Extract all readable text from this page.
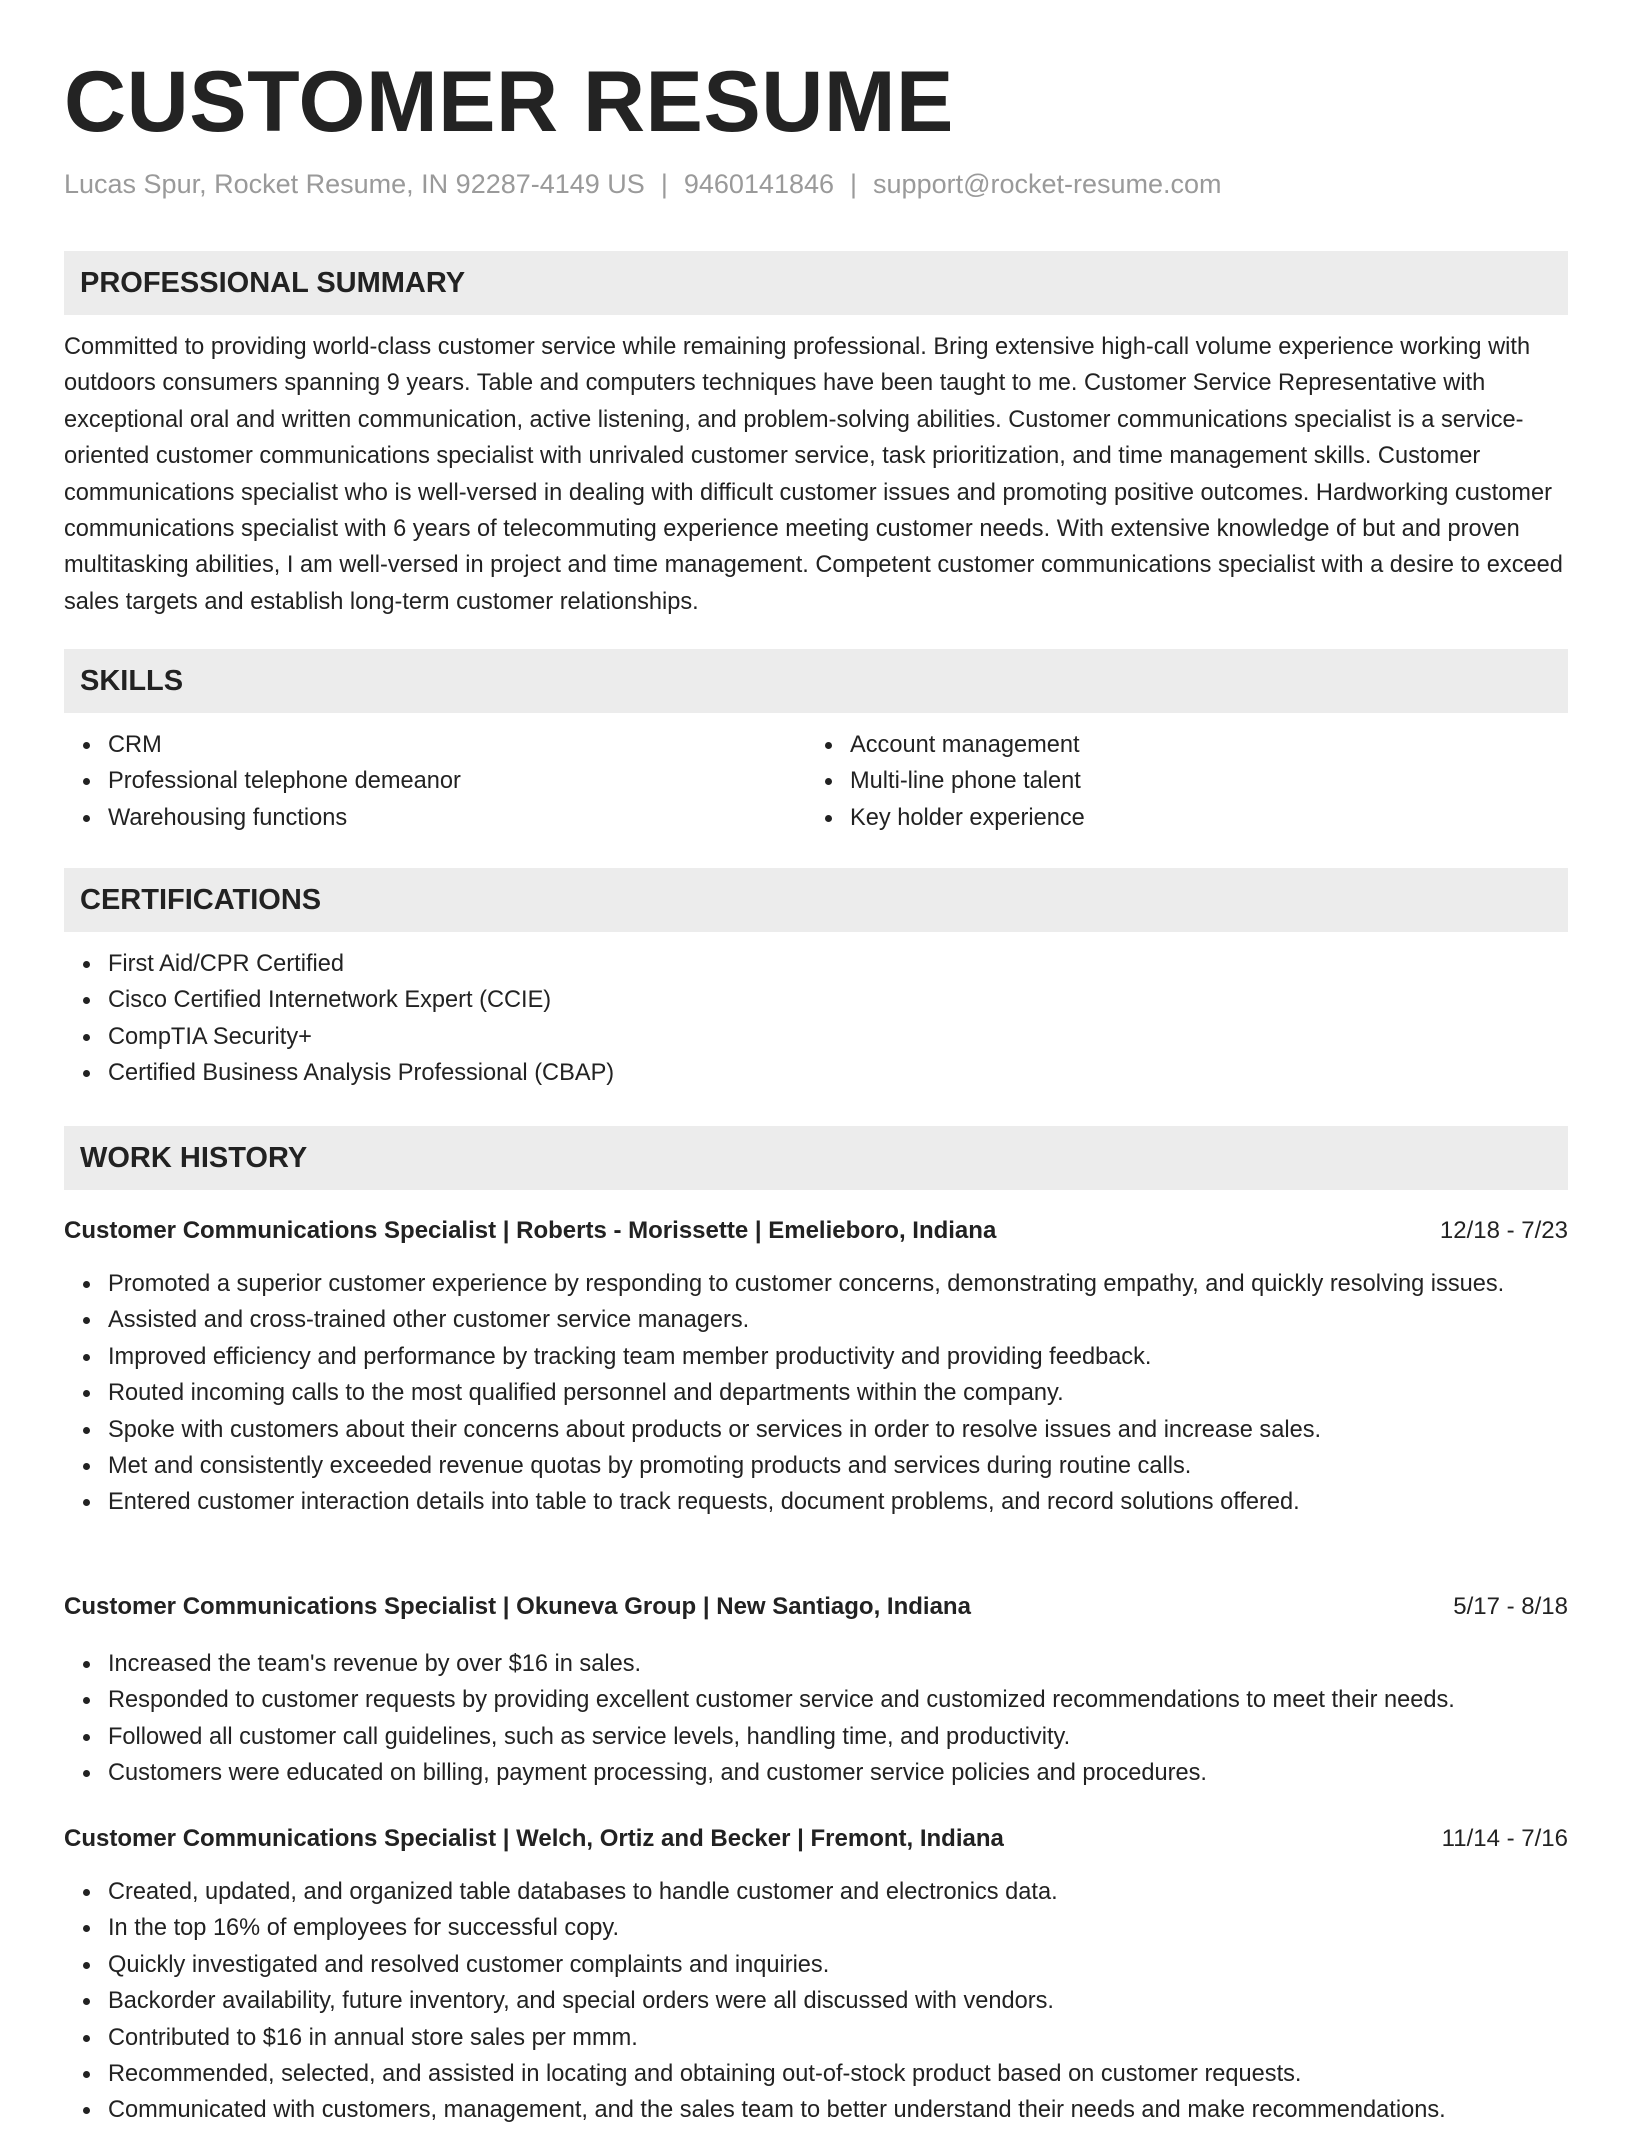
CUSTOMER RESUME
Lucas Spur, Rocket Resume, IN 92287-4149 US | 9460141846 | support@rocket-resume.com
PROFESSIONAL SUMMARY

Committed to providing world-class customer service while remaining professional. Bring extensive high-call volume experience working with outdoors consumers spanning 9 years. Table and computers techniques have been taught to me. Customer Service Representative with exceptional oral and written communication, active listening, and problem-solving abilities. Customer communications specialist is a service-oriented customer communications specialist with unrivaled customer service, task prioritization, and time management skills. Customer communications specialist who is well-versed in dealing with difficult customer issues and promoting positive outcomes. Hardworking customer communications specialist with 6 years of telecommuting experience meeting customer needs. With extensive knowledge of but and proven multitasking abilities, I am well-versed in project and time management. Competent customer communications specialist with a desire to exceed sales targets and establish long-term customer relationships.

SKILLS
CRM
Professional telephone demeanor
Warehousing functions
Account management
Multi-line phone talent
Key holder experience
CERTIFICATIONS
First Aid/CPR Certified
Cisco Certified Internetwork Expert (CCIE)
CompTIA Security+
Certified Business Analysis Professional (CBAP)
WORK HISTORY
Customer Communications Specialist | Roberts - Morissette | Emelieboro, Indiana	12/18 - 7/23
Promoted a superior customer experience by responding to customer concerns, demonstrating empathy, and quickly resolving issues.
Assisted and cross-trained other customer service managers.
Improved efficiency and performance by tracking team member productivity and providing feedback.
Routed incoming calls to the most qualified personnel and departments within the company.
Spoke with customers about their concerns about products or services in order to resolve issues and increase sales.
Met and consistently exceeded revenue quotas by promoting products and services during routine calls.
Entered customer interaction details into table to track requests, document problems, and record solutions offered.
Customer Communications Specialist | Okuneva Group | New Santiago, Indiana	5/17 - 8/18
Increased the team's revenue by over $16 in sales.
Responded to customer requests by providing excellent customer service and customized recommendations to meet their needs.
Followed all customer call guidelines, such as service levels, handling time, and productivity.
Customers were educated on billing, payment processing, and customer service policies and procedures.
Customer Communications Specialist | Welch, Ortiz and Becker | Fremont, Indiana	11/14 - 7/16
Created, updated, and organized table databases to handle customer and electronics data.
In the top 16% of employees for successful copy.
Quickly investigated and resolved customer complaints and inquiries.
Backorder availability, future inventory, and special orders were all discussed with vendors.
Contributed to $16 in annual store sales per mmm.
Recommended, selected, and assisted in locating and obtaining out-of-stock product based on customer requests.
Communicated with customers, management, and the sales team to better understand their needs and make recommendations.
